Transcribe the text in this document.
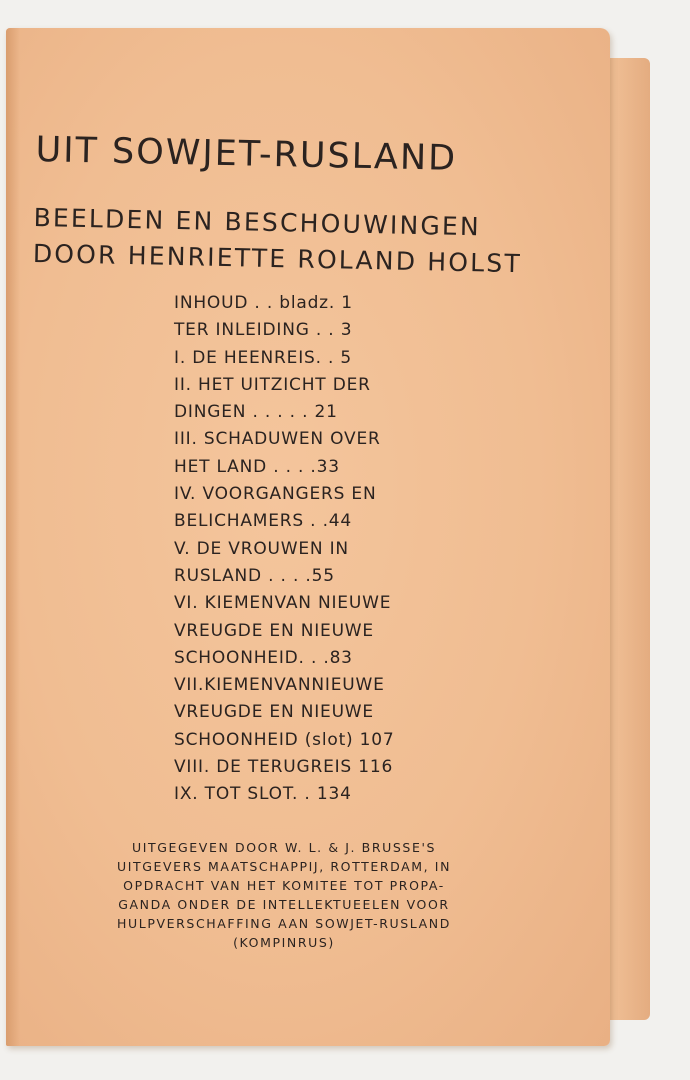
UIT SOWJET-RUSLAND
BEELDEN EN BESCHOUWINGEN
DOOR HENRIETTE ROLAND HOLST
INHOUD . . bladz. 1
TER INLEIDING . . 3
I. DE HEENREIS. . 5
II. HET UITZICHT DER
DINGEN . . . . . 21
III. SCHADUWEN OVER
HET LAND . . . .33
IV. VOORGANGERS EN
BELICHAMERS . .44
V. DE VROUWEN IN
RUSLAND . . . .55
VI. KIEMENVAN NIEUWE
VREUGDE EN NIEUWE
SCHOONHEID. . .83
VII.KIEMENVANNIEUWE
VREUGDE EN NIEUWE
SCHOONHEID (slot) 107
VIII. DE TERUGREIS 116
IX. TOT SLOT. . 134
UITGEGEVEN DOOR W. L. & J. BRUSSE'S
UITGEVERS MAATSCHAPPIJ, ROTTERDAM, IN
OPDRACHT VAN HET KOMITEE TOT PROPA-
GANDA ONDER DE INTELLEKTUEELEN VOOR
HULPVERSCHAFFING AAN SOWJET-RUSLAND
(KOMPINRUS)
